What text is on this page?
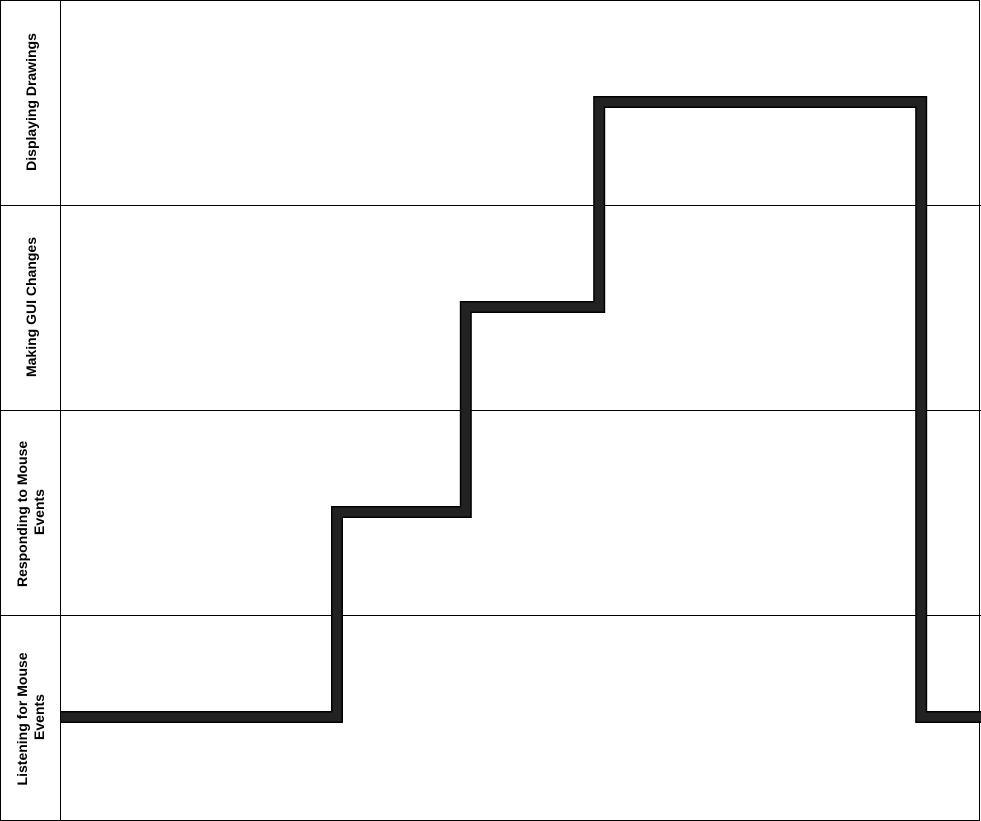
Displaying Drawings
Making GUI Changes
Responding to Mouse Events
Listening for Mouse Events
